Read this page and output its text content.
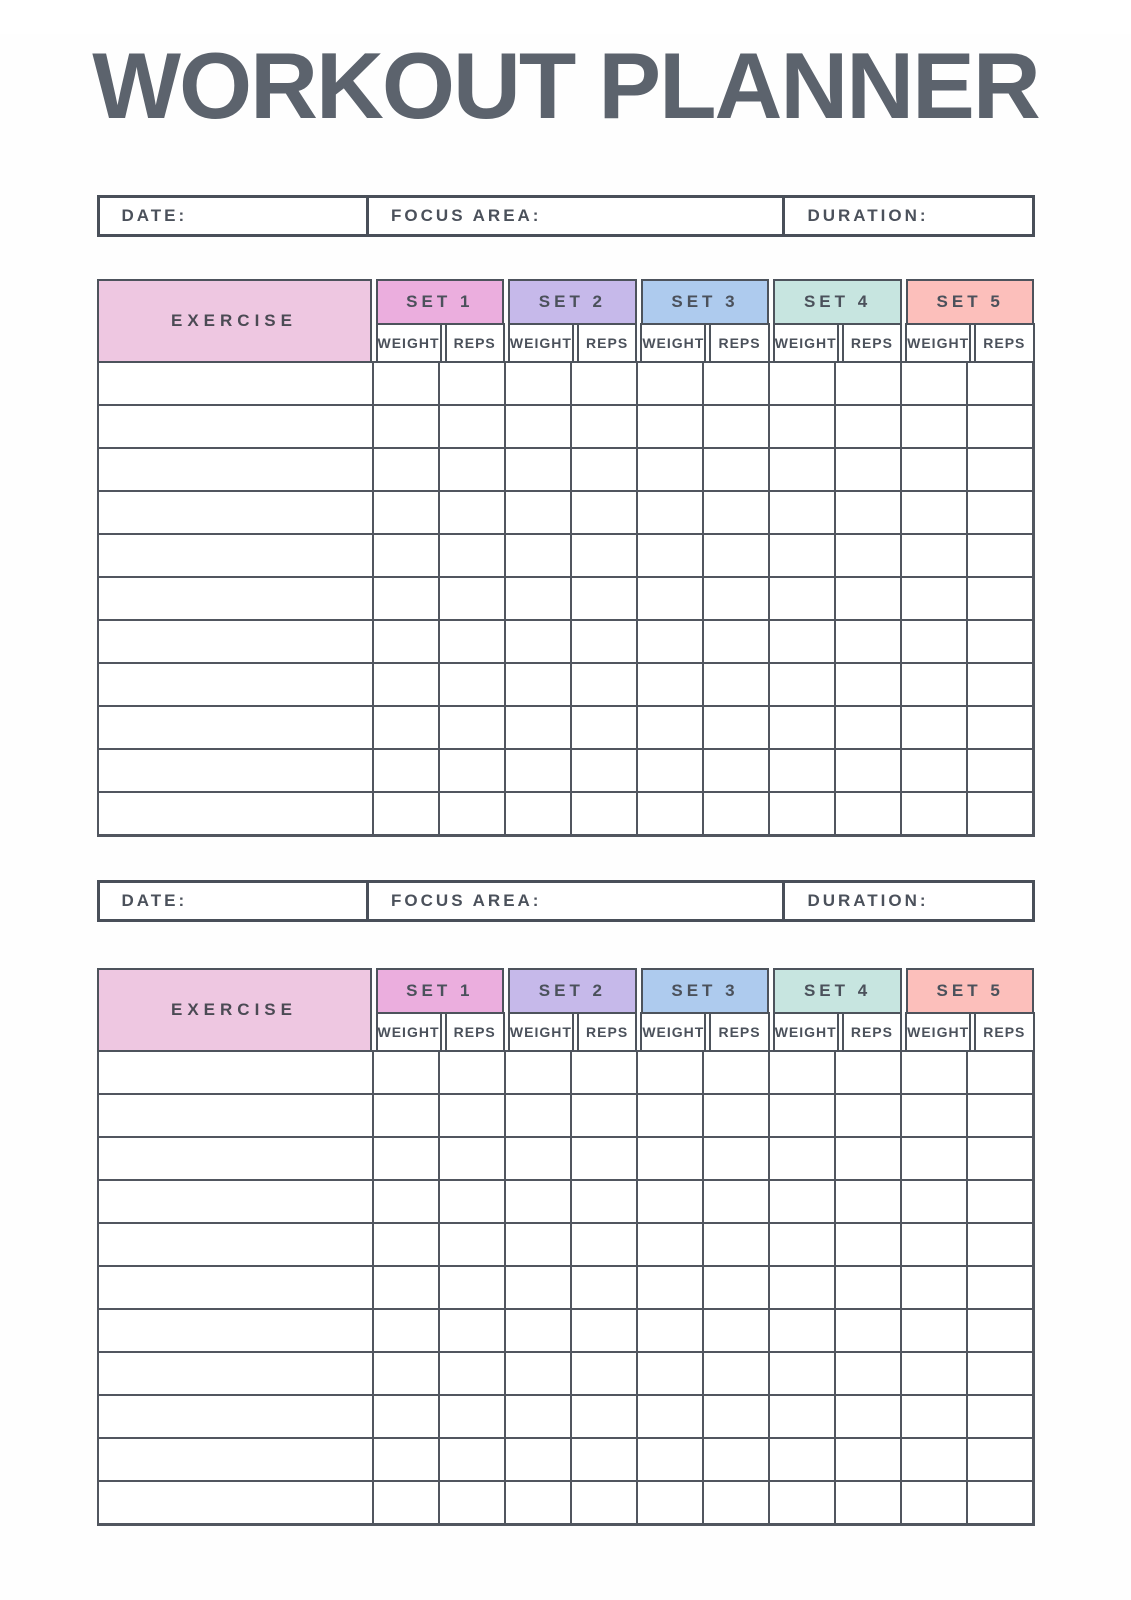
WORKOUT PLANNER
DATE:	FOCUS AREA:	DURATION:
EXERCISE
SET 1	SET 2	SET 3	SET 4	SET 5
WEIGHT REPS WEIGHT REPS WEIGHT REPS WEIGHT REPS WEIGHT REPS
DATE:	FOCUS AREA:	DURATION:
EXERCISE
SET 1	SET 2	SET 3	SET 4	SET 5
WEIGHT REPS WEIGHT REPS WEIGHT REPS WEIGHT REPS WEIGHT REPS
